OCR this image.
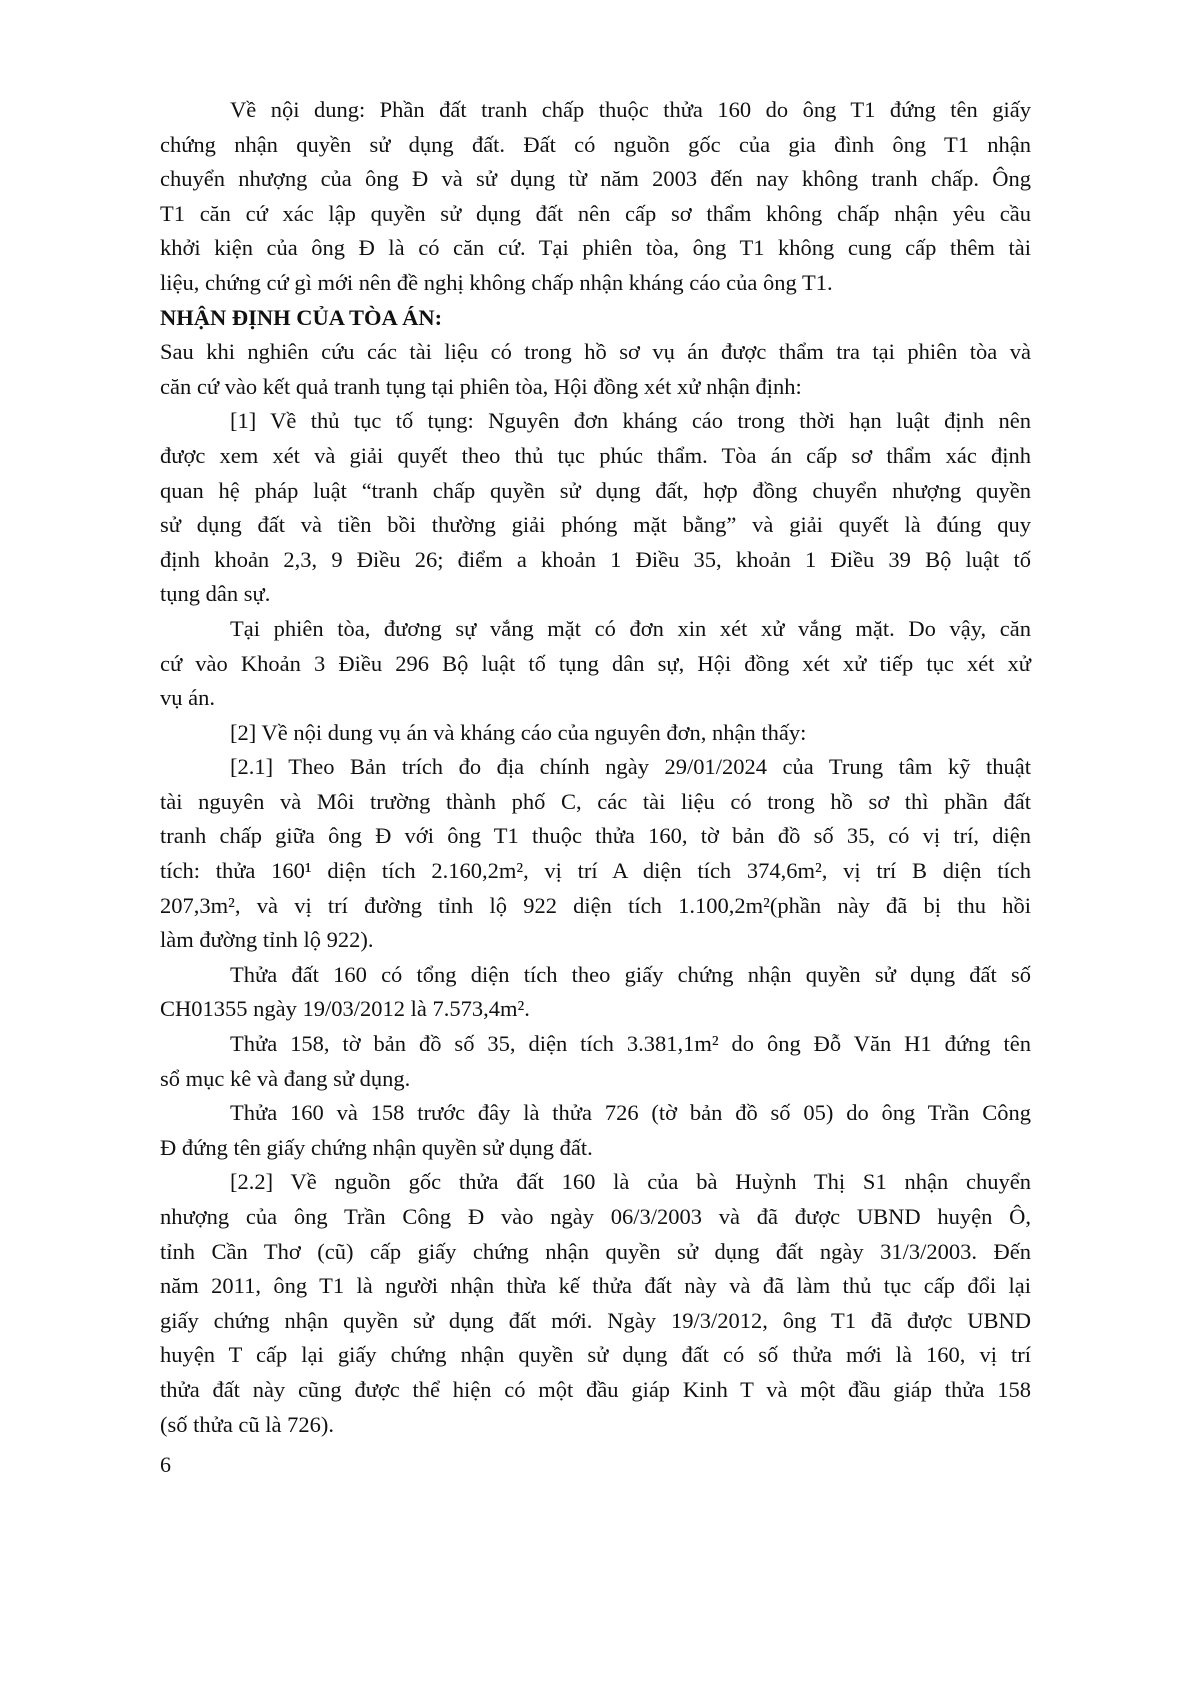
Về nội dung: Phần đất tranh chấp thuộc thửa 160 do ông T1 đứng tên giấy
chứng nhận quyền sử dụng đất. Đất có nguồn gốc của gia đình ông T1 nhận
chuyển nhượng của ông Đ và sử dụng từ năm 2003 đến nay không tranh chấp. Ông
T1 căn cứ xác lập quyền sử dụng đất nên cấp sơ thẩm không chấp nhận yêu cầu
khởi kiện của ông Đ là có căn cứ. Tại phiên tòa, ông T1 không cung cấp thêm tài
liệu, chứng cứ gì mới nên đề nghị không chấp nhận kháng cáo của ông T1.
NHẬN ĐỊNH CỦA TÒA ÁN:
Sau khi nghiên cứu các tài liệu có trong hồ sơ vụ án được thẩm tra tại phiên tòa và
căn cứ vào kết quả tranh tụng tại phiên tòa, Hội đồng xét xử nhận định:
[1] Về thủ tục tố tụng: Nguyên đơn kháng cáo trong thời hạn luật định nên
được xem xét và giải quyết theo thủ tục phúc thẩm. Tòa án cấp sơ thẩm xác định
quan hệ pháp luật “tranh chấp quyền sử dụng đất, hợp đồng chuyển nhượng quyền
sử dụng đất và tiền bồi thường giải phóng mặt bằng” và giải quyết là đúng quy
định khoản 2,3, 9 Điều 26; điểm a khoản 1 Điều 35, khoản 1 Điều 39 Bộ luật tố
tụng dân sự.
Tại phiên tòa, đương sự vắng mặt có đơn xin xét xử vắng mặt. Do vậy, căn
cứ vào Khoản 3 Điều 296 Bộ luật tố tụng dân sự, Hội đồng xét xử tiếp tục xét xử
vụ án.
[2] Về nội dung vụ án và kháng cáo của nguyên đơn, nhận thấy:
[2.1] Theo Bản trích đo địa chính ngày 29/01/2024 của Trung tâm kỹ thuật
tài nguyên và Môi trường thành phố C, các tài liệu có trong hồ sơ thì phần đất
tranh chấp giữa ông Đ với ông T1 thuộc thửa 160, tờ bản đồ số 35, có vị trí, diện
tích: thửa 160¹ diện tích 2.160,2m², vị trí A diện tích 374,6m², vị trí B diện tích
207,3m², và vị trí đường tỉnh lộ 922 diện tích 1.100,2m²(phần này đã bị thu hồi
làm đường tỉnh lộ 922).
Thửa đất 160 có tổng diện tích theo giấy chứng nhận quyền sử dụng đất số
CH01355 ngày 19/03/2012 là 7.573,4m².
Thửa 158, tờ bản đồ số 35, diện tích 3.381,1m² do ông Đỗ Văn H1 đứng tên
sổ mục kê và đang sử dụng.
Thửa 160 và 158 trước đây là thửa 726 (tờ bản đồ số 05) do ông Trần Công
Đ đứng tên giấy chứng nhận quyền sử dụng đất.
[2.2] Về nguồn gốc thửa đất 160 là của bà Huỳnh Thị S1 nhận chuyển
nhượng của ông Trần Công Đ vào ngày 06/3/2003 và đã được UBND huyện Ô,
tỉnh Cần Thơ (cũ) cấp giấy chứng nhận quyền sử dụng đất ngày 31/3/2003. Đến
năm 2011, ông T1 là người nhận thừa kế thửa đất này và đã làm thủ tục cấp đổi lại
giấy chứng nhận quyền sử dụng đất mới. Ngày 19/3/2012, ông T1 đã được UBND
huyện T cấp lại giấy chứng nhận quyền sử dụng đất có số thửa mới là 160, vị trí
thửa đất này cũng được thể hiện có một đầu giáp Kinh T và một đầu giáp thửa 158
(số thửa cũ là 726).
6
